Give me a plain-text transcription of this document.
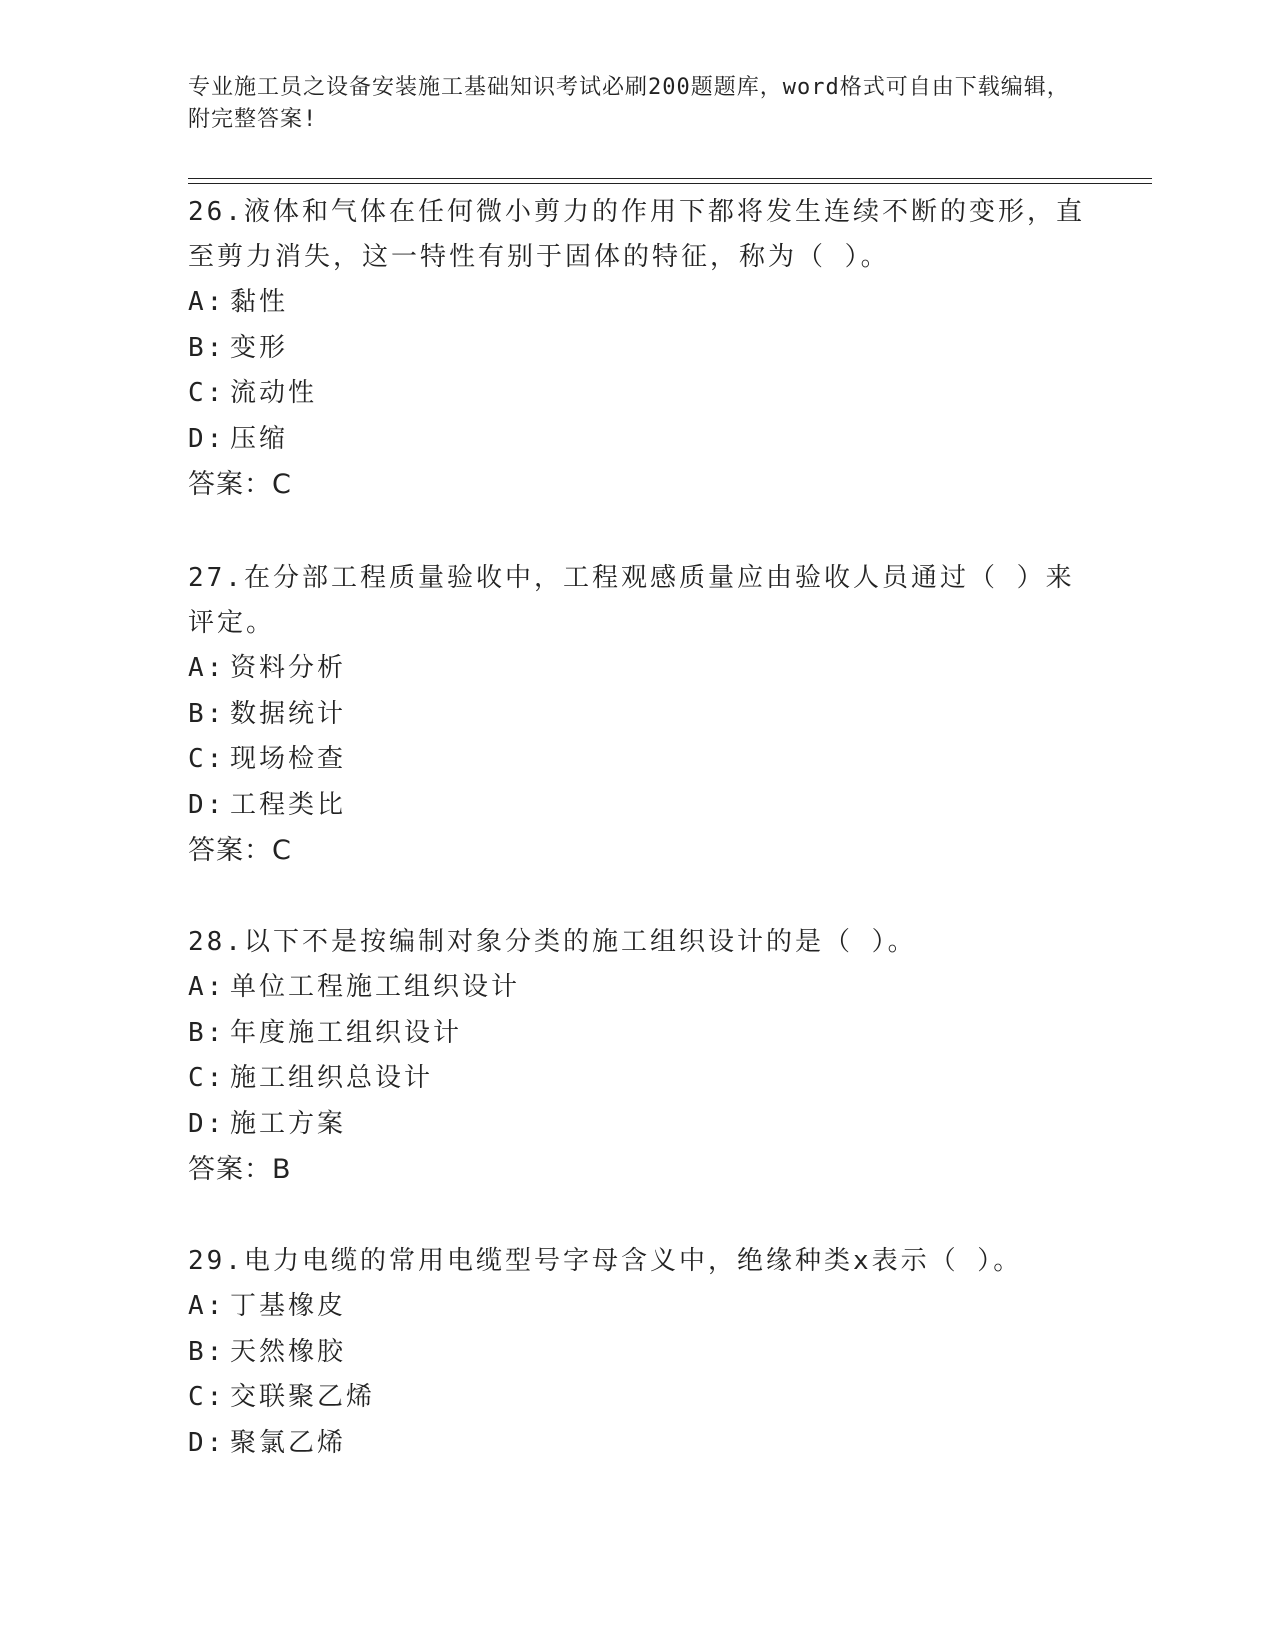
专业施工员之设备安装施工基础知识考试必刷200题题库，word格式可自由下载编辑，附完整答案!

26.液体和气体在任何微小剪力的作用下都将发生连续不断的变形，直至剪力消失，这一特性有别于固体的特征，称为（ ）。

A: 黏性

B: 变形

C: 流动性

D: 压缩

答案：C

27.在分部工程质量验收中，工程观感质量应由验收人员通过（ ）来评定。

A: 资料分析

B: 数据统计

C: 现场检查

D: 工程类比

答案：C

28.以下不是按编制对象分类的施工组织设计的是（ ）。

A: 单位工程施工组织设计

B: 年度施工组织设计

C: 施工组织总设计

D: 施工方案

答案：B

29.电力电缆的常用电缆型号字母含义中，绝缘种类x表示（ ）。

A: 丁基橡皮

B: 天然橡胶

C: 交联聚乙烯

D: 聚氯乙烯
